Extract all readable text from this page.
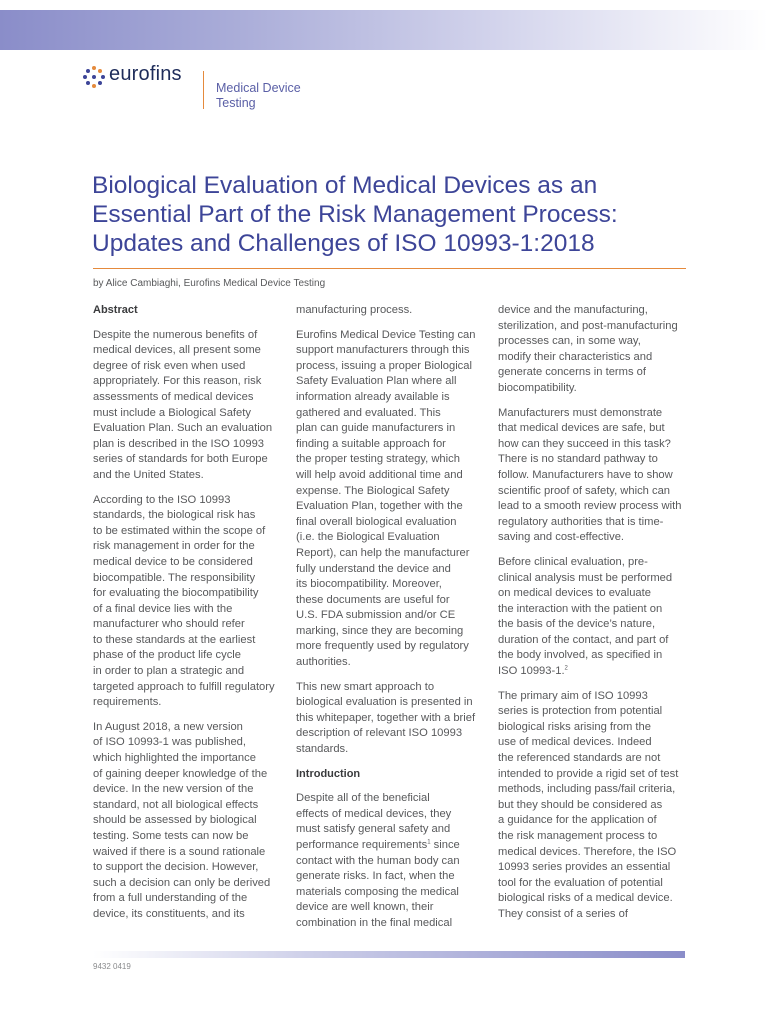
eurofins
Medical Device
Testing
Biological Evaluation of Medical Devices as an
Essential Part of the Risk Management Process:
Updates and Challenges of ISO 10993-1:2018
by Alice Cambiaghi, Eurofins Medical Device Testing
Abstract

Despite the numerous benefits of
medical devices, all present some
degree of risk even when used
appropriately. For this reason, risk
assessments of medical devices
must include a Biological Safety
Evaluation Plan. Such an evaluation
plan is described in the ISO 10993
series of standards for both Europe
and the United States.

According to the ISO 10993
standards, the biological risk has
to be estimated within the scope of
risk management in order for the
medical device to be considered
biocompatible. The responsibility
for evaluating the biocompatibility
of a final device lies with the
manufacturer who should refer
to these standards at the earliest
phase of the product life cycle
in order to plan a strategic and
targeted approach to fulfill regulatory
requirements.

In August 2018, a new version
of ISO 10993-1 was published,
which highlighted the importance
of gaining deeper knowledge of the
device. In the new version of the
standard, not all biological effects
should be assessed by biological
testing. Some tests can now be
waived if there is a sound rationale
to support the decision. However,
such a decision can only be derived
from a full understanding of the
device, its constituents, and its

manufacturing process.

Eurofins Medical Device Testing can
support manufacturers through this
process, issuing a proper Biological
Safety Evaluation Plan where all
information already available is
gathered and evaluated. This
plan can guide manufacturers in
finding a suitable approach for
the proper testing strategy, which
will help avoid additional time and
expense. The Biological Safety
Evaluation Plan, together with the
final overall biological evaluation
(i.e. the Biological Evaluation
Report), can help the manufacturer
fully understand the device and
its biocompatibility. Moreover,
these documents are useful for
U.S. FDA submission and/or CE
marking, since they are becoming
more frequently used by regulatory
authorities.

This new smart approach to
biological evaluation is presented in
this whitepaper, together with a brief
description of relevant ISO 10993
standards.

Introduction

Despite all of the beneficial
effects of medical devices, they
must satisfy general safety and
performance requirements$^1$ since
contact with the human body can
generate risks. In fact, when the
materials composing the medical
device are well known, their
combination in the final medical

device and the manufacturing,
sterilization, and post-manufacturing
processes can, in some way,
modify their characteristics and
generate concerns in terms of
biocompatibility.

Manufacturers must demonstrate
that medical devices are safe, but
how can they succeed in this task?
There is no standard pathway to
follow. Manufacturers have to show
scientific proof of safety, which can
lead to a smooth review process with
regulatory authorities that is time-
saving and cost-effective.

Before clinical evaluation, pre-
clinical analysis must be performed
on medical devices to evaluate
the interaction with the patient on
the basis of the device’s nature,
duration of the contact, and part of
the body involved, as specified in
ISO 10993-1.$^2$

The primary aim of ISO 10993
series is protection from potential
biological risks arising from the
use of medical devices. Indeed
the referenced standards are not
intended to provide a rigid set of test
methods, including pass/fail criteria,
but they should be considered as
a guidance for the application of
the risk management process to
medical devices. Therefore, the ISO
10993 series provides an essential
tool for the evaluation of potential
biological risks of a medical device.
They consist of a series of

9432 0419
